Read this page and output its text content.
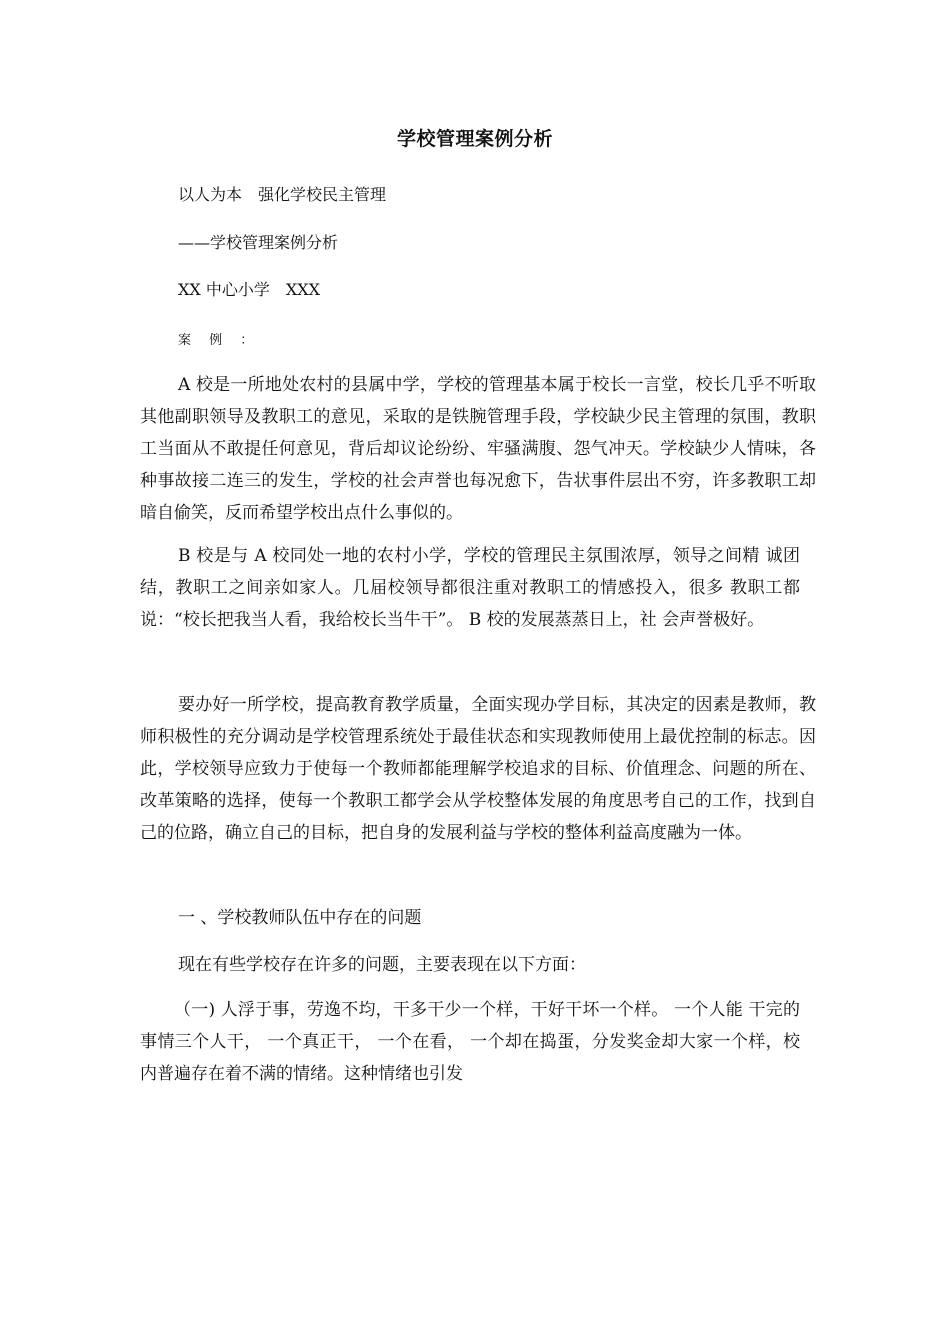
学校管理案例分析
以人为本　强化学校民主管理
——学校管理案例分析
XX 中心小学　XXX
案 例 ：

A 校是一所地处农村的县属中学，学校的管理基本属于校长一言堂，校长几乎不听取其他副职领导及教职工的意见，采取的是铁腕管理手段，学校缺少民主管理的氛围，教职工当面从不敢提任何意见，背后却议论纷纷、牢骚满腹、怨气冲天。学校缺少人情味，各种事故接二连三的发生，学校的社会声誉也每况愈下，告状事件层出不穷，许多教职工却暗自偷笑，反而希望学校出点什么事似的。

B 校是与 A 校同处一地的农村小学，学校的管理民主氛围浓厚，领导之间精 诚团结，教职工之间亲如家人。几届校领导都很注重对教职工的情感投入，很多 教职工都说：“校长把我当人看，我给校长当牛干”。 B 校的发展蒸蒸日上，社 会声誉极好。

要办好一所学校，提高教育教学质量，全面实现办学目标，其决定的因素是教师，教师积极性的充分调动是学校管理系统处于最佳状态和实现教师使用上最优控制的标志。因此，学校领导应致力于使每一个教师都能理解学校追求的目标、价值理念、问题的所在、改革策略的选择，使每一个教职工都学会从学校整体发展的角度思考自己的工作，找到自己的位路，确立自己的目标，把自身的发展利益与学校的整体利益高度融为一体。

一 、学校教师队伍中存在的问题
现在有些学校存在许多的问题，主要表现在以下方面：

（一) 人浮于事，劳逸不均，干多干少一个样，干好干坏一个样。 一个人能 干完的事情三个人干， 一个真正干， 一个在看， 一个却在捣蛋，分发奖金却大家一个样，校内普遍存在着不满的情绪。这种情绪也引发
